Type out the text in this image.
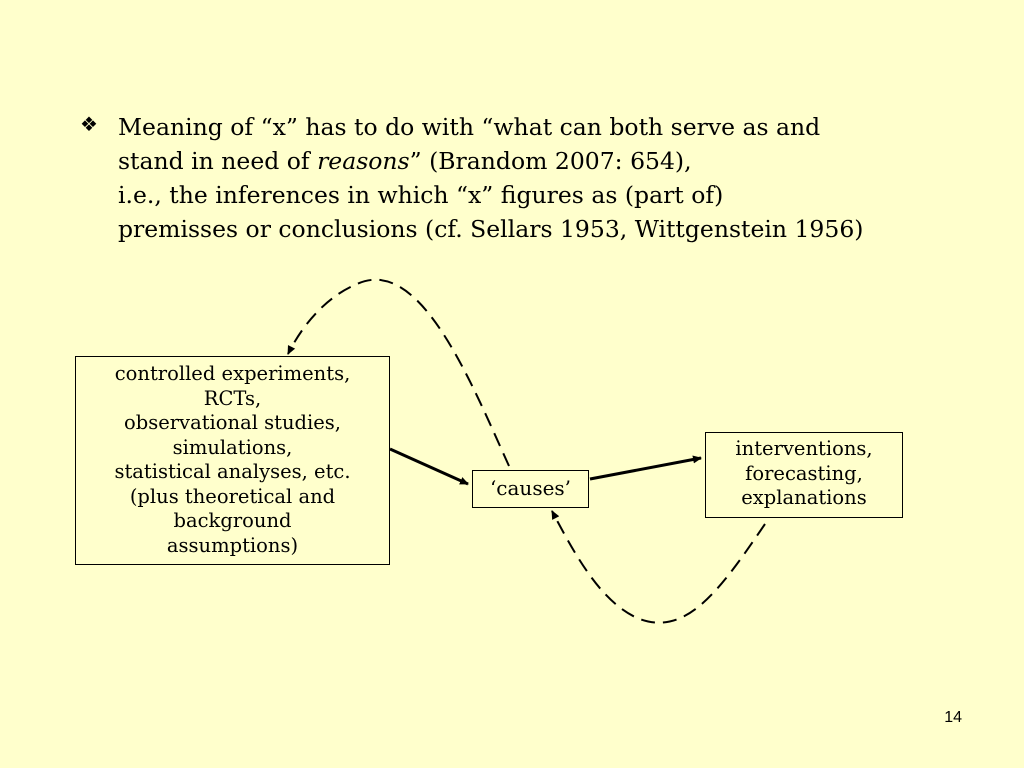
❖ Meaning of “x” has to do with “what can both serve as and
stand in need of reasons” (Brandom 2007: 654),
i.e., the inferences in which “x” figures as (part of)
premisses or conclusions (cf. Sellars 1953, Wittgenstein 1956)
controlled experiments,
RCTs,
observational studies,
simulations,
statistical analyses, etc.
(plus theoretical and
background
assumptions)
‘causes’
interventions,
forecasting,
explanations
14
